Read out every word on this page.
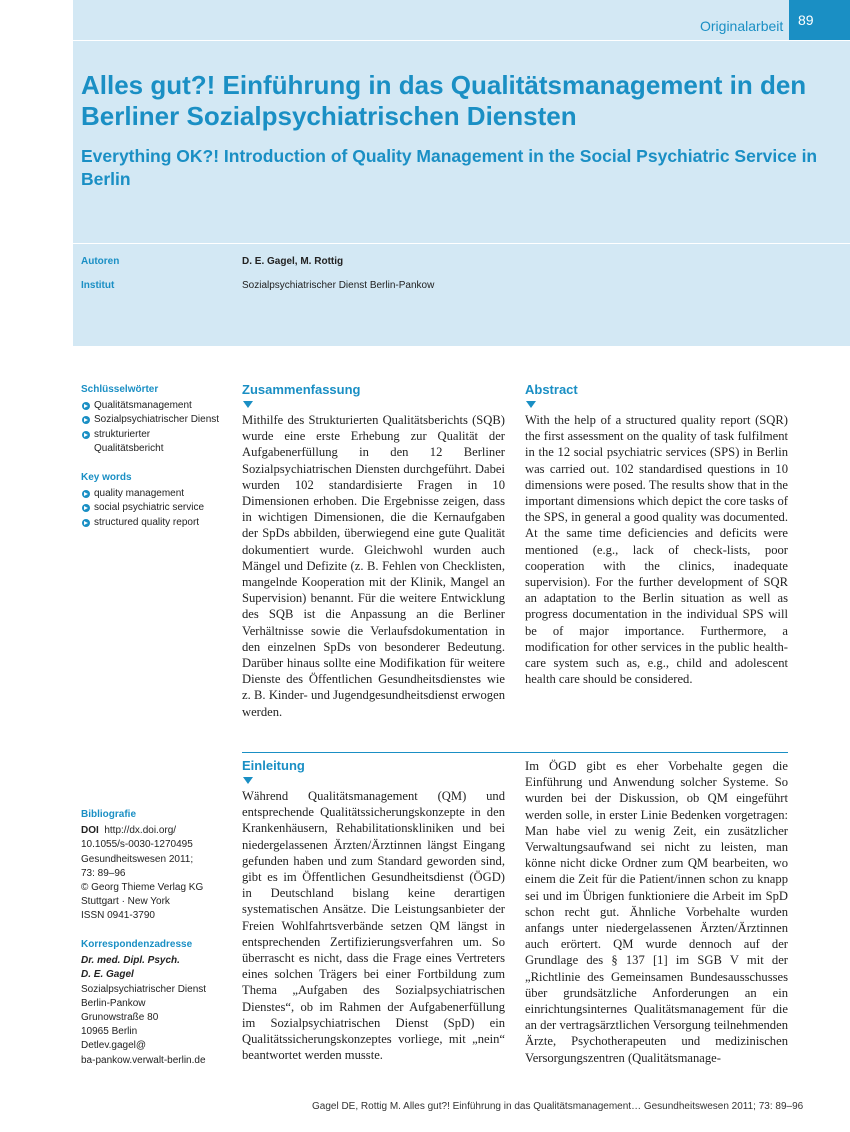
Originalarbeit	89
Alles gut?! Einführung in das Qualitätsmanagement in den Berliner Sozialpsychiatrischen Diensten
Everything OK?! Introduction of Quality Management in the Social Psychiatric Service in Berlin
Autoren	D. E. Gagel, M. Rottig
Institut	Sozialpsychiatrischer Dienst Berlin-Pankow
Schlüsselwörter
Qualitätsmanagement
Sozialpsychiatrischer Dienst
strukturierter Qualitätsbericht
Key words
quality management
social psychiatric service
structured quality report
Bibliografie

DOI http://dx.doi.org/

10.1055/s-0030-1270495

Gesundheitswesen 2011;

73: 89–96

© Georg Thieme Verlag KG

Stuttgart · New York

ISSN 0941-3790

Korrespondenzadresse

Dr. med. Dipl. Psych.

D. E. Gagel

Sozialpsychiatrischer Dienst

Berlin-Pankow

Grunowstraße 80

10965 Berlin

Detlev.gagel@

ba-pankow.verwalt-berlin.de

Zusammenfassung

Mithilfe des Strukturierten Qualitätsberichts (SQB) wurde eine erste Erhebung zur Qualität der Aufgabenerfüllung in den 12 Berliner Sozialpsychiatrischen Diensten durchgeführt. Dabei wurden 102 standardisierte Fragen in 10 Dimensionen erhoben. Die Ergebnisse zeigen, dass in wichtigen Dimensionen, die die Kernaufgaben der SpDs abbilden, überwiegend eine gute Qualität dokumentiert wurde. Gleichwohl wurden auch Mängel und Defizite (z. B. Fehlen von Checklisten, mangelnde Kooperation mit der Klinik, Mangel an Supervision) benannt. Für die weitere Entwicklung des SQB ist die Anpassung an die Berliner Verhältnisse sowie die Verlaufsdokumentation in den einzelnen SpDs von besonderer Bedeutung. Darüber hinaus sollte eine Modifikation für weitere Dienste des Öffentlichen Gesundheitsdienstes wie z. B. Kinder- und Jugendgesundheitsdienst erwogen werden.

Abstract

With the help of a structured quality report (SQR) the first assessment on the quality of task fulfilment in the 12 social psychiatric services (SPS) in Berlin was carried out. 102 standardised questions in 10 dimensions were posed. The results show that in the important dimensions which depict the core tasks of the SPS, in general a good quality was documented. At the same time deficiencies and deficits were mentioned (e.g., lack of check-lists, poor cooperation with the clinics, inadequate supervision). For the further development of SQR an adaptation to the Berlin situation as well as progress documentation in the individual SPS will be of major importance. Furthermore, a modification for other services in the public health-care system such as, e.g., child and adolescent health care should be considered.

Einleitung

Während Qualitätsmanagement (QM) und entsprechende Qualitätssicherungskonzepte in den Krankenhäusern, Rehabilitationskliniken und bei niedergelassenen Ärzten/Ärztinnen längst Eingang gefunden haben und zum Standard geworden sind, gibt es im Öffentlichen Gesundheitsdienst (ÖGD) in Deutschland bislang keine derartigen systematischen Ansätze. Die Leistungsanbieter der Freien Wohlfahrtsverbände setzen QM längst in entsprechenden Zertifizierungsverfahren um. So überrascht es nicht, dass die Frage eines Vertreters eines solchen Trägers bei einer Fortbildung zum Thema „Aufgaben des Sozialpsychiatrischen Dienstes“, ob im Rahmen der Aufgabenerfüllung im Sozialpsychiatrischen Dienst (SpD) ein Qualitätssicherungskonzeptes vorliege, mit „nein“ beantwortet werden musste.

Im ÖGD gibt es eher Vorbehalte gegen die Einführung und Anwendung solcher Systeme. So wurden bei der Diskussion, ob QM eingeführt werden solle, in erster Linie Bedenken vorgetragen: Man habe viel zu wenig Zeit, ein zusätzlicher Verwaltungsaufwand sei nicht zu leisten, man könne nicht dicke Ordner zum QM bearbeiten, wo einem die Zeit für die Patient/innen schon zu knapp sei und im Übrigen funktioniere die Arbeit im SpD schon recht gut. Ähnliche Vorbehalte wurden anfangs unter niedergelassenen Ärzten/Ärztinnen auch erörtert. QM wurde dennoch auf der Grundlage des § 137 [1] im SGB V mit der „Richtlinie des Gemeinsamen Bundesausschusses über grundsätzliche Anforderungen an ein einrichtungsinternes Qualitätsmanagement für die an der vertragsärztlichen Versorgung teilnehmenden Ärzte, Psychotherapeuten und medizinischen Versorgungszentren (Qualitätsmanage-

Gagel DE, Rottig M. Alles gut?! Einführung in das Qualitätsmanagement… Gesundheitswesen 2011; 73: 89–96
